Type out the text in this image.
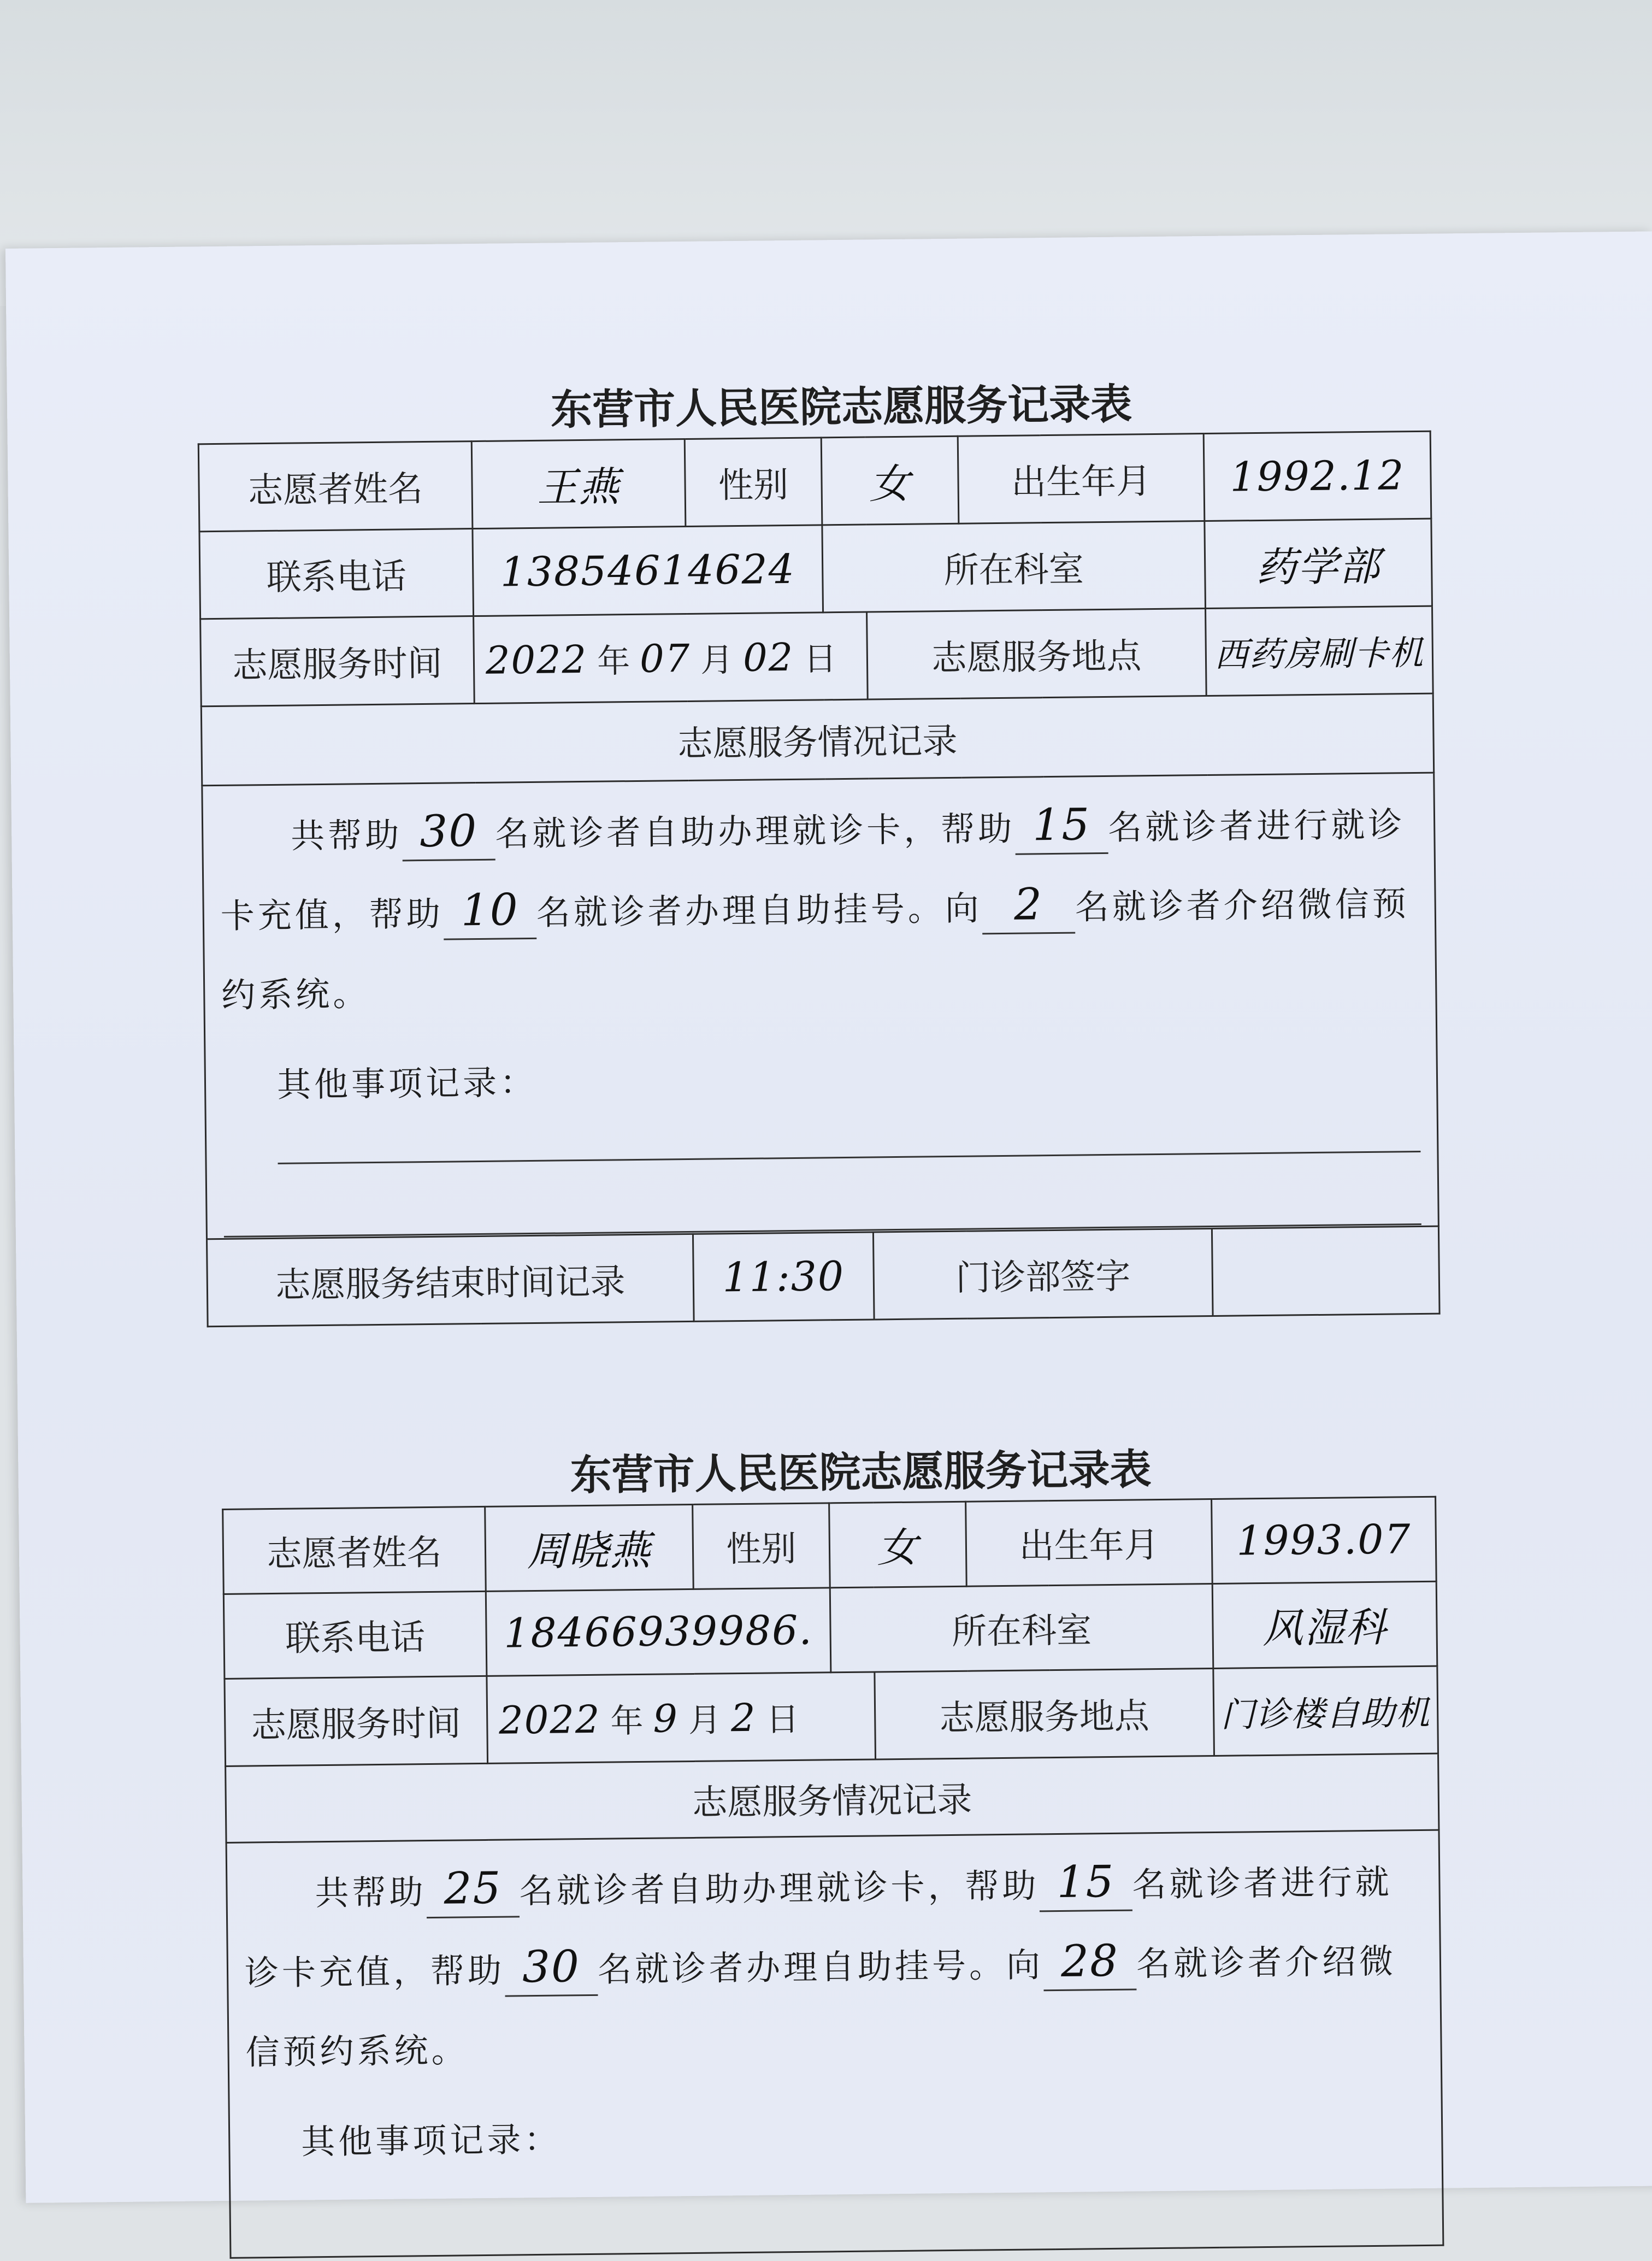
东营市人民医院志愿服务记录表
志愿者姓名	王燕	性别	女		出生年月	1992.12
联系电话	13854614624		所在科室			药学部
志愿服务时间	2022 年 07 月 02 日			志愿服务地点		西药房刷卡机
志愿服务情况记录						

共帮助 30 名就诊者自助办理就诊卡，帮助 15 名就诊者进行就诊卡充值，帮助 10 名就诊者办理自助挂号。向 2 名就诊者介绍微信预约系统。
其他事项记录：						

志愿服务结束时间记录		11:30		门诊部签字		
东营市人民医院志愿服务记录表
志愿者姓名	周晓燕	性别	女		出生年月	1993.07
联系电话	18466939986.		所在科室			风湿科
志愿服务时间	2022 年 9 月 2 日			志愿服务地点		门诊楼自助机
志愿服务情况记录						

共帮助 25 名就诊者自助办理就诊卡，帮助 15 名就诊者进行就诊卡充值，帮助 30 名就诊者办理自助挂号。向 28 名就诊者介绍微信预约系统。
其他事项记录：						
